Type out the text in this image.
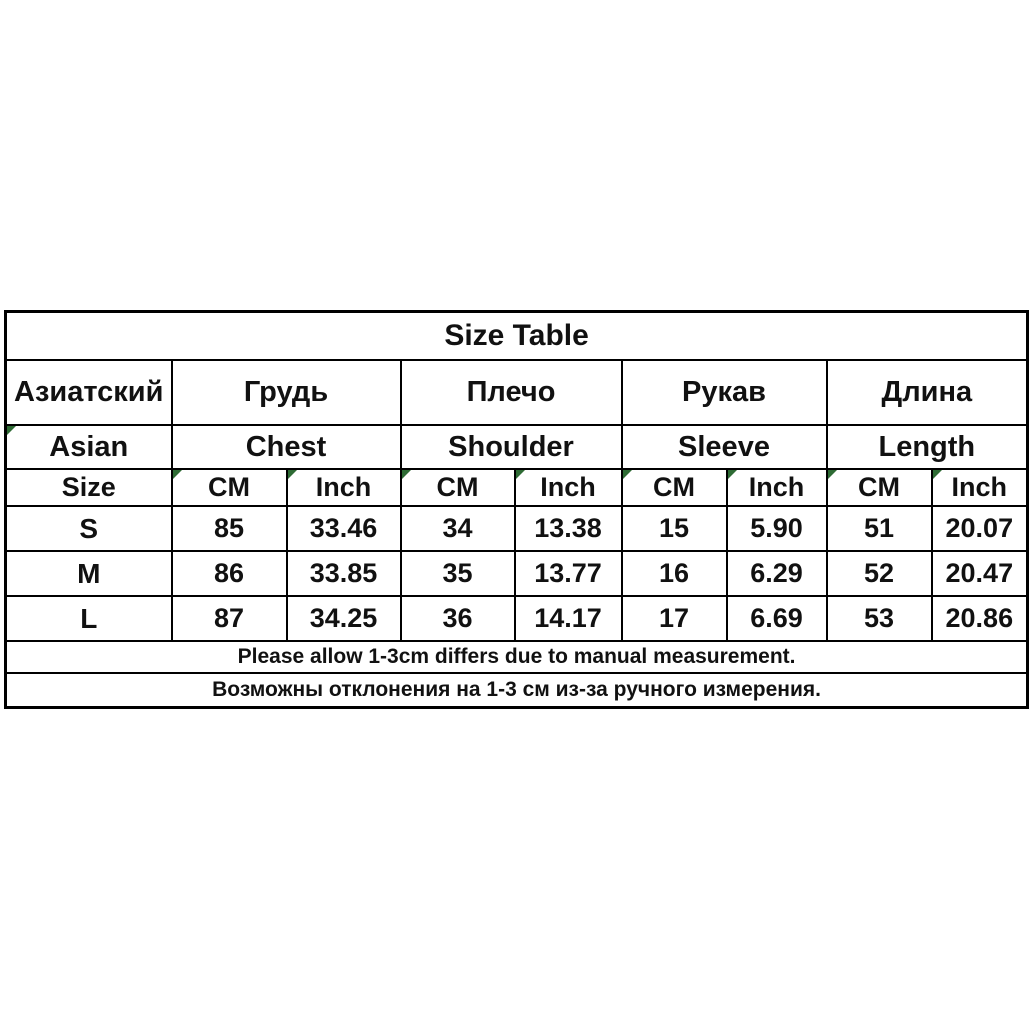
Size Table								
Азиатский	Грудь		Плечо		Рукав		Длина	

Asian	Chest		Shoulder		Sleeve		Length	
Size	CM	Inch	CM	Inch	CM	Inch	CM	Inch
S	85	33.46	34	13.38	15	5.90	51	20.07
M	86	33.85	35	13.77	16	6.29	52	20.47
L	87	34.25	36	14.17	17	6.69	53	20.86
Please allow 1-3cm differs due to manual measurement.								
Возможны отклонения на 1-3 см из-за ручного измерения.								
